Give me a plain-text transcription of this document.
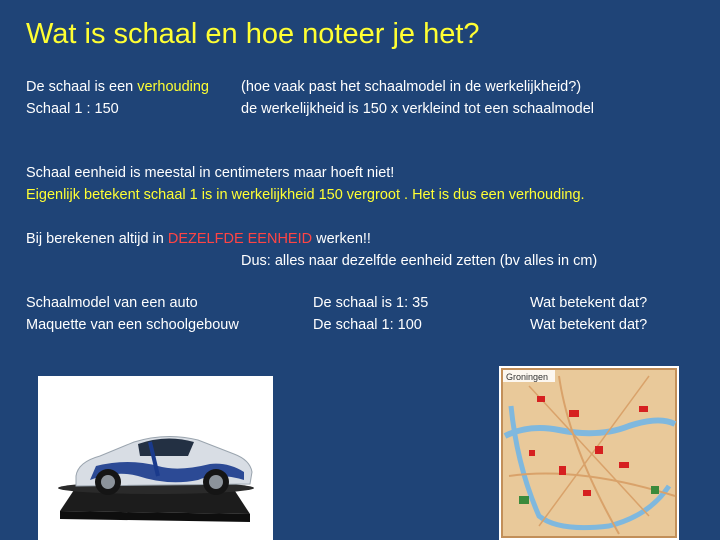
Wat is schaal en hoe noteer je het?
De schaal is een verhouding (hoe vaak past het schaalmodel in de werkelijkheid?)
Schaal 1 : 150	de werkelijkheid is 150 x verkleind tot een schaalmodel
Schaal eenheid is meestal in centimeters maar hoeft niet!
Eigenlijk betekent schaal 1 is in werkelijkheid 150 vergroot . Het is dus een verhouding.
Bij berekenen altijd in DEZELFDE EENHEID werken!!
Dus: alles naar dezelfde eenheid zetten (bv alles in cm)
Schaalmodel van een auto
Maquette van een schoolgebouw
De schaal is 1: 35
De schaal 1: 100
Wat betekent dat?
Wat betekent dat?
Groningen
